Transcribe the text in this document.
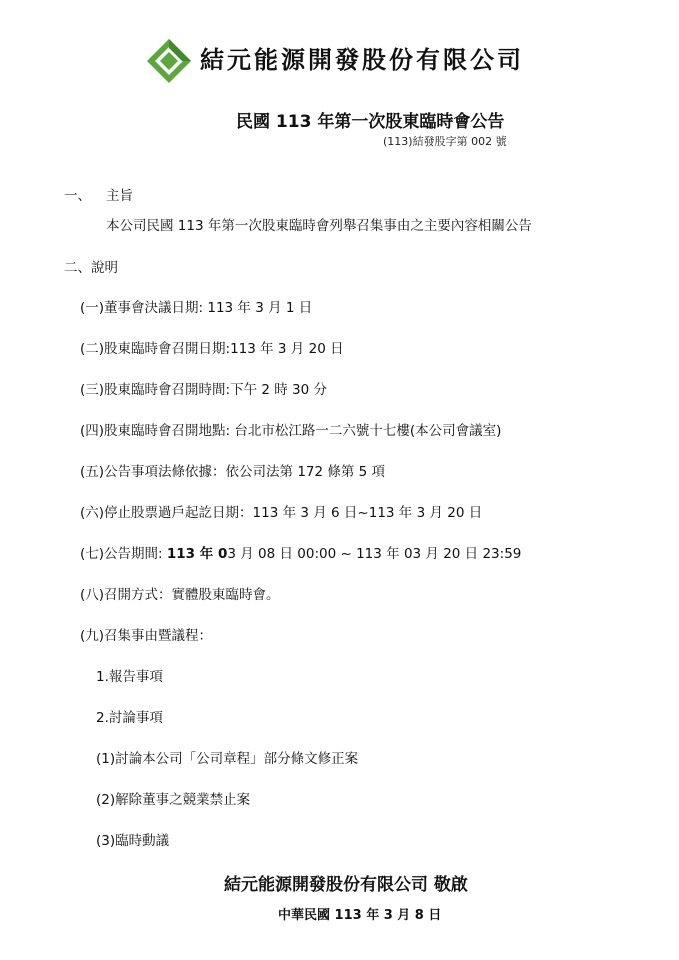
結元能源開發股份有限公司
民國 113 年第一次股東臨時會公告
(113)結發股字第 002 號
一、 主旨
本公司民國 113 年第一次股東臨時會列舉召集事由之主要內容相關公告
二、說明
(一)董事會決議日期: 113 年 3 月 1 日
(二)股東臨時會召開日期:113 年 3 月 20 日
(三)股東臨時會召開時間:下午 2 時 30 分
(四)股東臨時會召開地點: 台北市松江路一二六號十七樓(本公司會議室)
(五)公告事項法條依據：依公司法第 172 條第 5 項
(六)停止股票過戶起訖日期：113 年 3 月 6 日~113 年 3 月 20 日
(七)公告期間: 113 年 03 月 08 日 00:00 ~ 113 年 03 月 20 日 23:59
(八)召開方式：實體股東臨時會。
(九)召集事由暨議程：
1.報告事項
2.討論事項
(1)討論本公司「公司章程」部分條文修正案
(2)解除董事之競業禁止案
(3)臨時動議
結元能源開發股份有限公司 敬啟
中華民國 113 年 3 月 8 日
